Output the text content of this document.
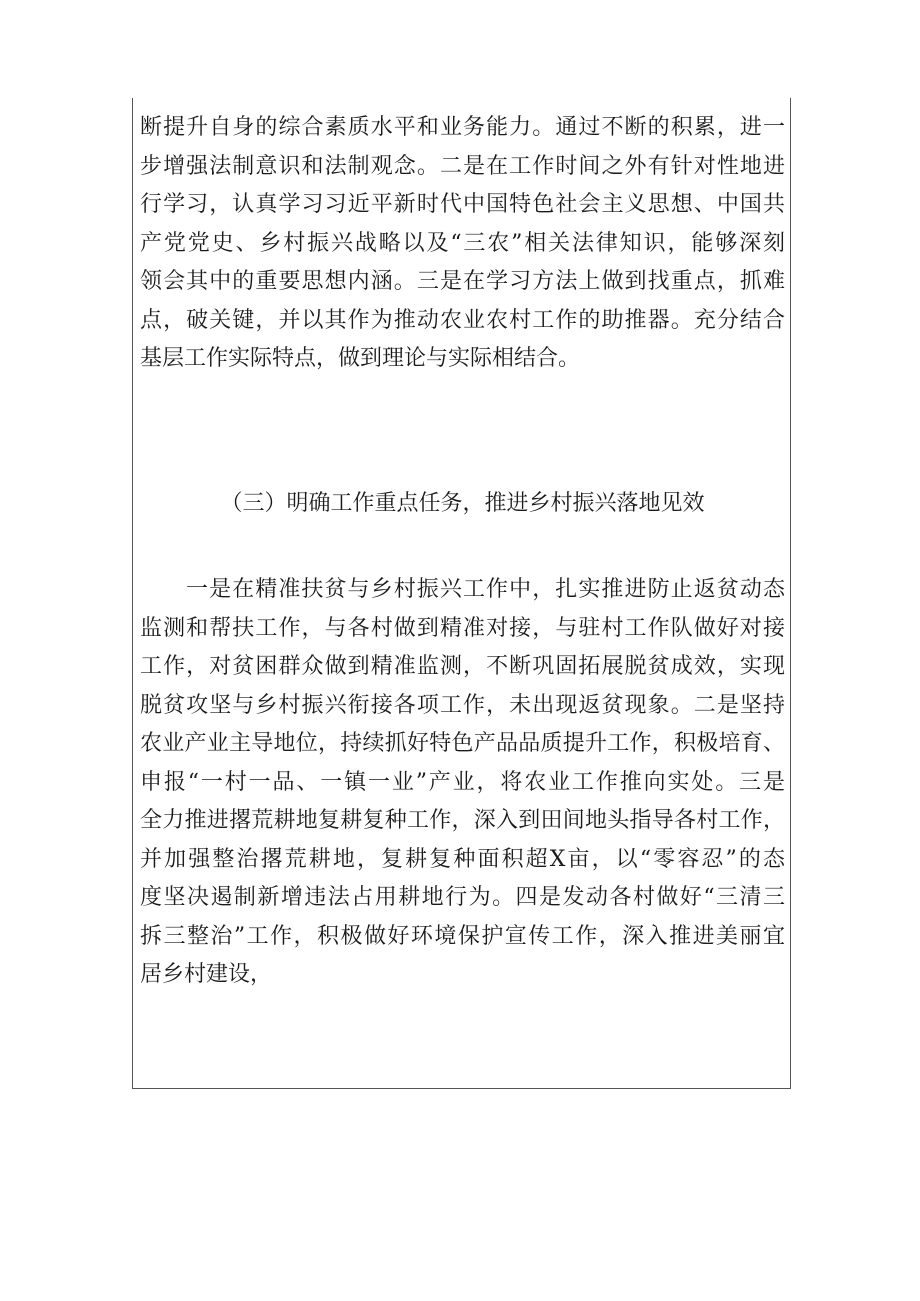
断提升自身的综合素质水平和业务能力。通过不断的积累，进一
步增强法制意识和法制观念。二是在工作时间之外有针对性地进
行学习，认真学习习近平新时代中国特色社会主义思想、中国共
产党党史、乡村振兴战略以及“三农”相关法律知识，能够深刻
领会其中的重要思想内涵。三是在学习方法上做到找重点，抓难
点，破关键，并以其作为推动农业农村工作的助推器。充分结合
基层工作实际特点，做到理论与实际相结合。
（三）明确工作重点任务，推进乡村振兴落地见效
一是在精准扶贫与乡村振兴工作中，扎实推进防止返贫动态
监测和帮扶工作，与各村做到精准对接，与驻村工作队做好对接
工作，对贫困群众做到精准监测，不断巩固拓展脱贫成效，实现
脱贫攻坚与乡村振兴衔接各项工作，未出现返贫现象。二是坚持
农业产业主导地位，持续抓好特色产品品质提升工作，积极培育、
申报“一村一品、一镇一业”产业，将农业工作推向实处。三是
全力推进撂荒耕地复耕复种工作，深入到田间地头指导各村工作，
并加强整治撂荒耕地，复耕复种面积超X亩，以“零容忍”的态
度坚决遏制新增违法占用耕地行为。四是发动各村做好“三清三
拆三整治”工作，积极做好环境保护宣传工作，深入推进美丽宜
居乡村建设，
